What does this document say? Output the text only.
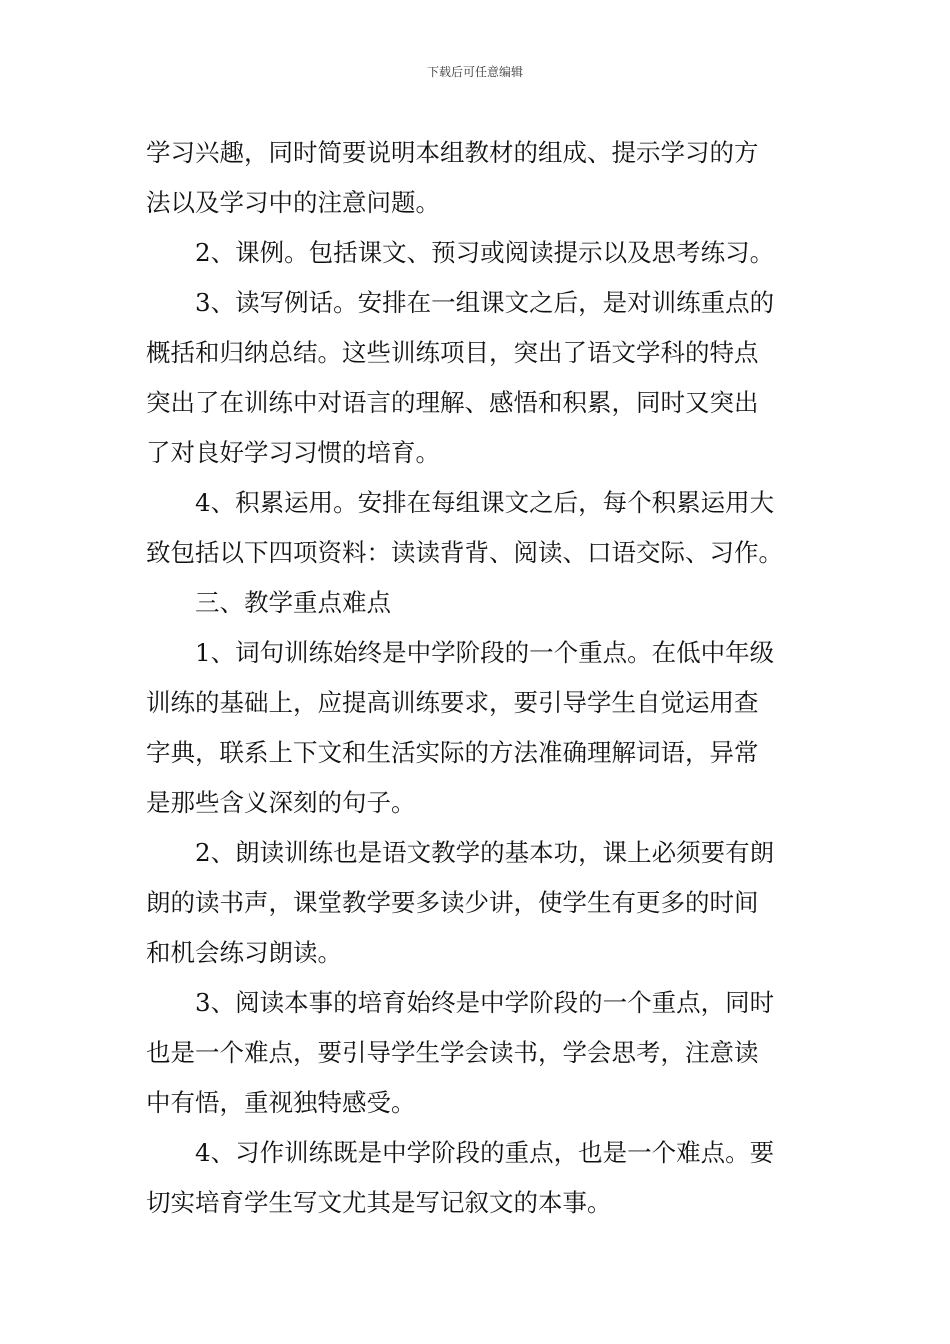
下载后可任意编辑
学习兴趣，同时简要说明本组教材的组成、提示学习的方
法以及学习中的注意问题。
2、课例。包括课文、预习或阅读提示以及思考练习。
3、读写例话。安排在一组课文之后，是对训练重点的
概括和归纳总结。这些训练项目，突出了语文学科的特点
突出了在训练中对语言的理解、感悟和积累，同时又突出
了对良好学习习惯的培育。
4、积累运用。安排在每组课文之后，每个积累运用大
致包括以下四项资料：读读背背、阅读、口语交际、习作。
三、教学重点难点
1、词句训练始终是中学阶段的一个重点。在低中年级
训练的基础上，应提高训练要求，要引导学生自觉运用查
字典，联系上下文和生活实际的方法准确理解词语，异常
是那些含义深刻的句子。
2、朗读训练也是语文教学的基本功，课上必须要有朗
朗的读书声，课堂教学要多读少讲，使学生有更多的时间
和机会练习朗读。
3、阅读本事的培育始终是中学阶段的一个重点，同时
也是一个难点，要引导学生学会读书，学会思考，注意读
中有悟，重视独特感受。
4、习作训练既是中学阶段的重点，也是一个难点。要
切实培育学生写文尤其是写记叙文的本事。
